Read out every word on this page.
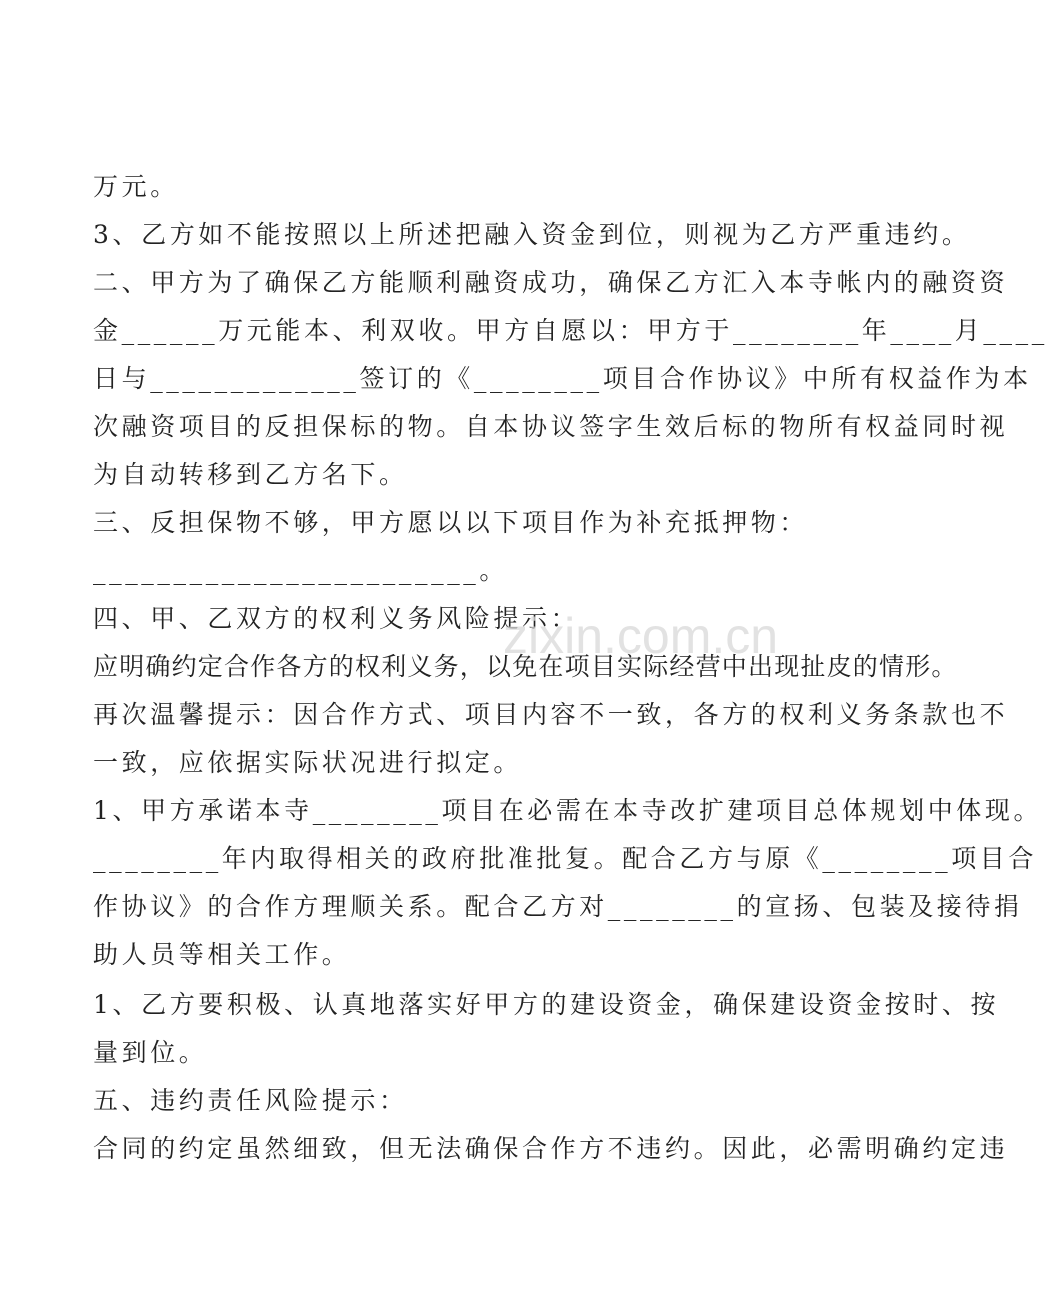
万元。
3、乙方如不能按照以上所述把融入资金到位，则视为乙方严重违约。
二、甲方为了确保乙方能顺利融资成功，确保乙方汇入本寺帐内的融资资
金______万元能本、利双收。甲方自愿以：甲方于________年____月____
日与_____________签订的《________项目合作协议》中所有权益作为本
次融资项目的反担保标的物。自本协议签字生效后标的物所有权益同时视
为自动转移到乙方名下。
三、反担保物不够，甲方愿以以下项目作为补充抵押物：
________________________。
四、甲、乙双方的权利义务风险提示：
应明确约定合作各方的权利义务，以免在项目实际经营中出现扯皮的情形。
再次温馨提示：因合作方式、项目内容不一致，各方的权利义务条款也不
一致，应依据实际状况进行拟定。
1、甲方承诺本寺________项目在必需在本寺改扩建项目总体规划中体现。
________年内取得相关的政府批准批复。配合乙方与原《________项目合
作协议》的合作方理顺关系。配合乙方对________的宣扬、包装及接待捐
助人员等相关工作。
1、乙方要积极、认真地落实好甲方的建设资金，确保建设资金按时、按
量到位。
五、违约责任风险提示：
合同的约定虽然细致，但无法确保合作方不违约。因此，必需明确约定违
zixin.com.cn
